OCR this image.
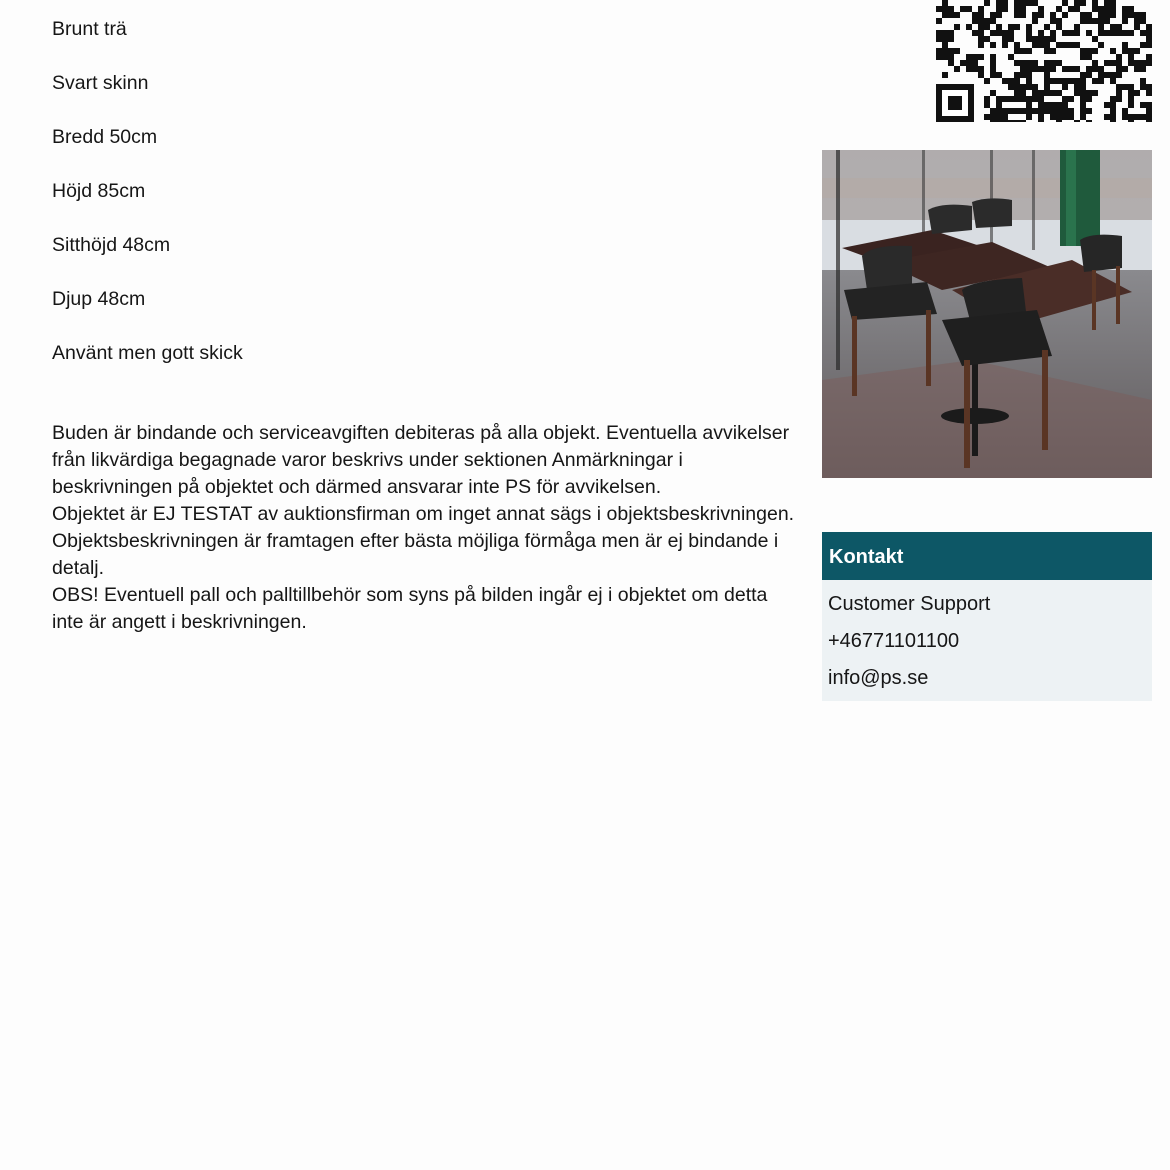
Brunt trä
Svart skinn
Bredd 50cm
Höjd 85cm
Sitthöjd 48cm
Djup 48cm
Använt men gott skick

Buden är bindande och serviceavgiften debiteras på alla objekt. Eventuella avvikelser från likvärdiga begagnade varor beskrivs under sektionen Anmärkningar i beskrivningen på objektet och därmed ansvarar inte PS för avvikelsen.

Objektet är EJ TESTAT av auktionsfirman om inget annat sägs i objektsbeskrivningen. Objektsbeskrivningen är framtagen efter bästa möjliga förmåga men är ej bindande i detalj.

OBS! Eventuell pall och palltillbehör som syns på bilden ingår ej i objektet om detta inte är angett i beskrivningen.

Kontakt
Customer Support
+46771101100
info@ps.se
